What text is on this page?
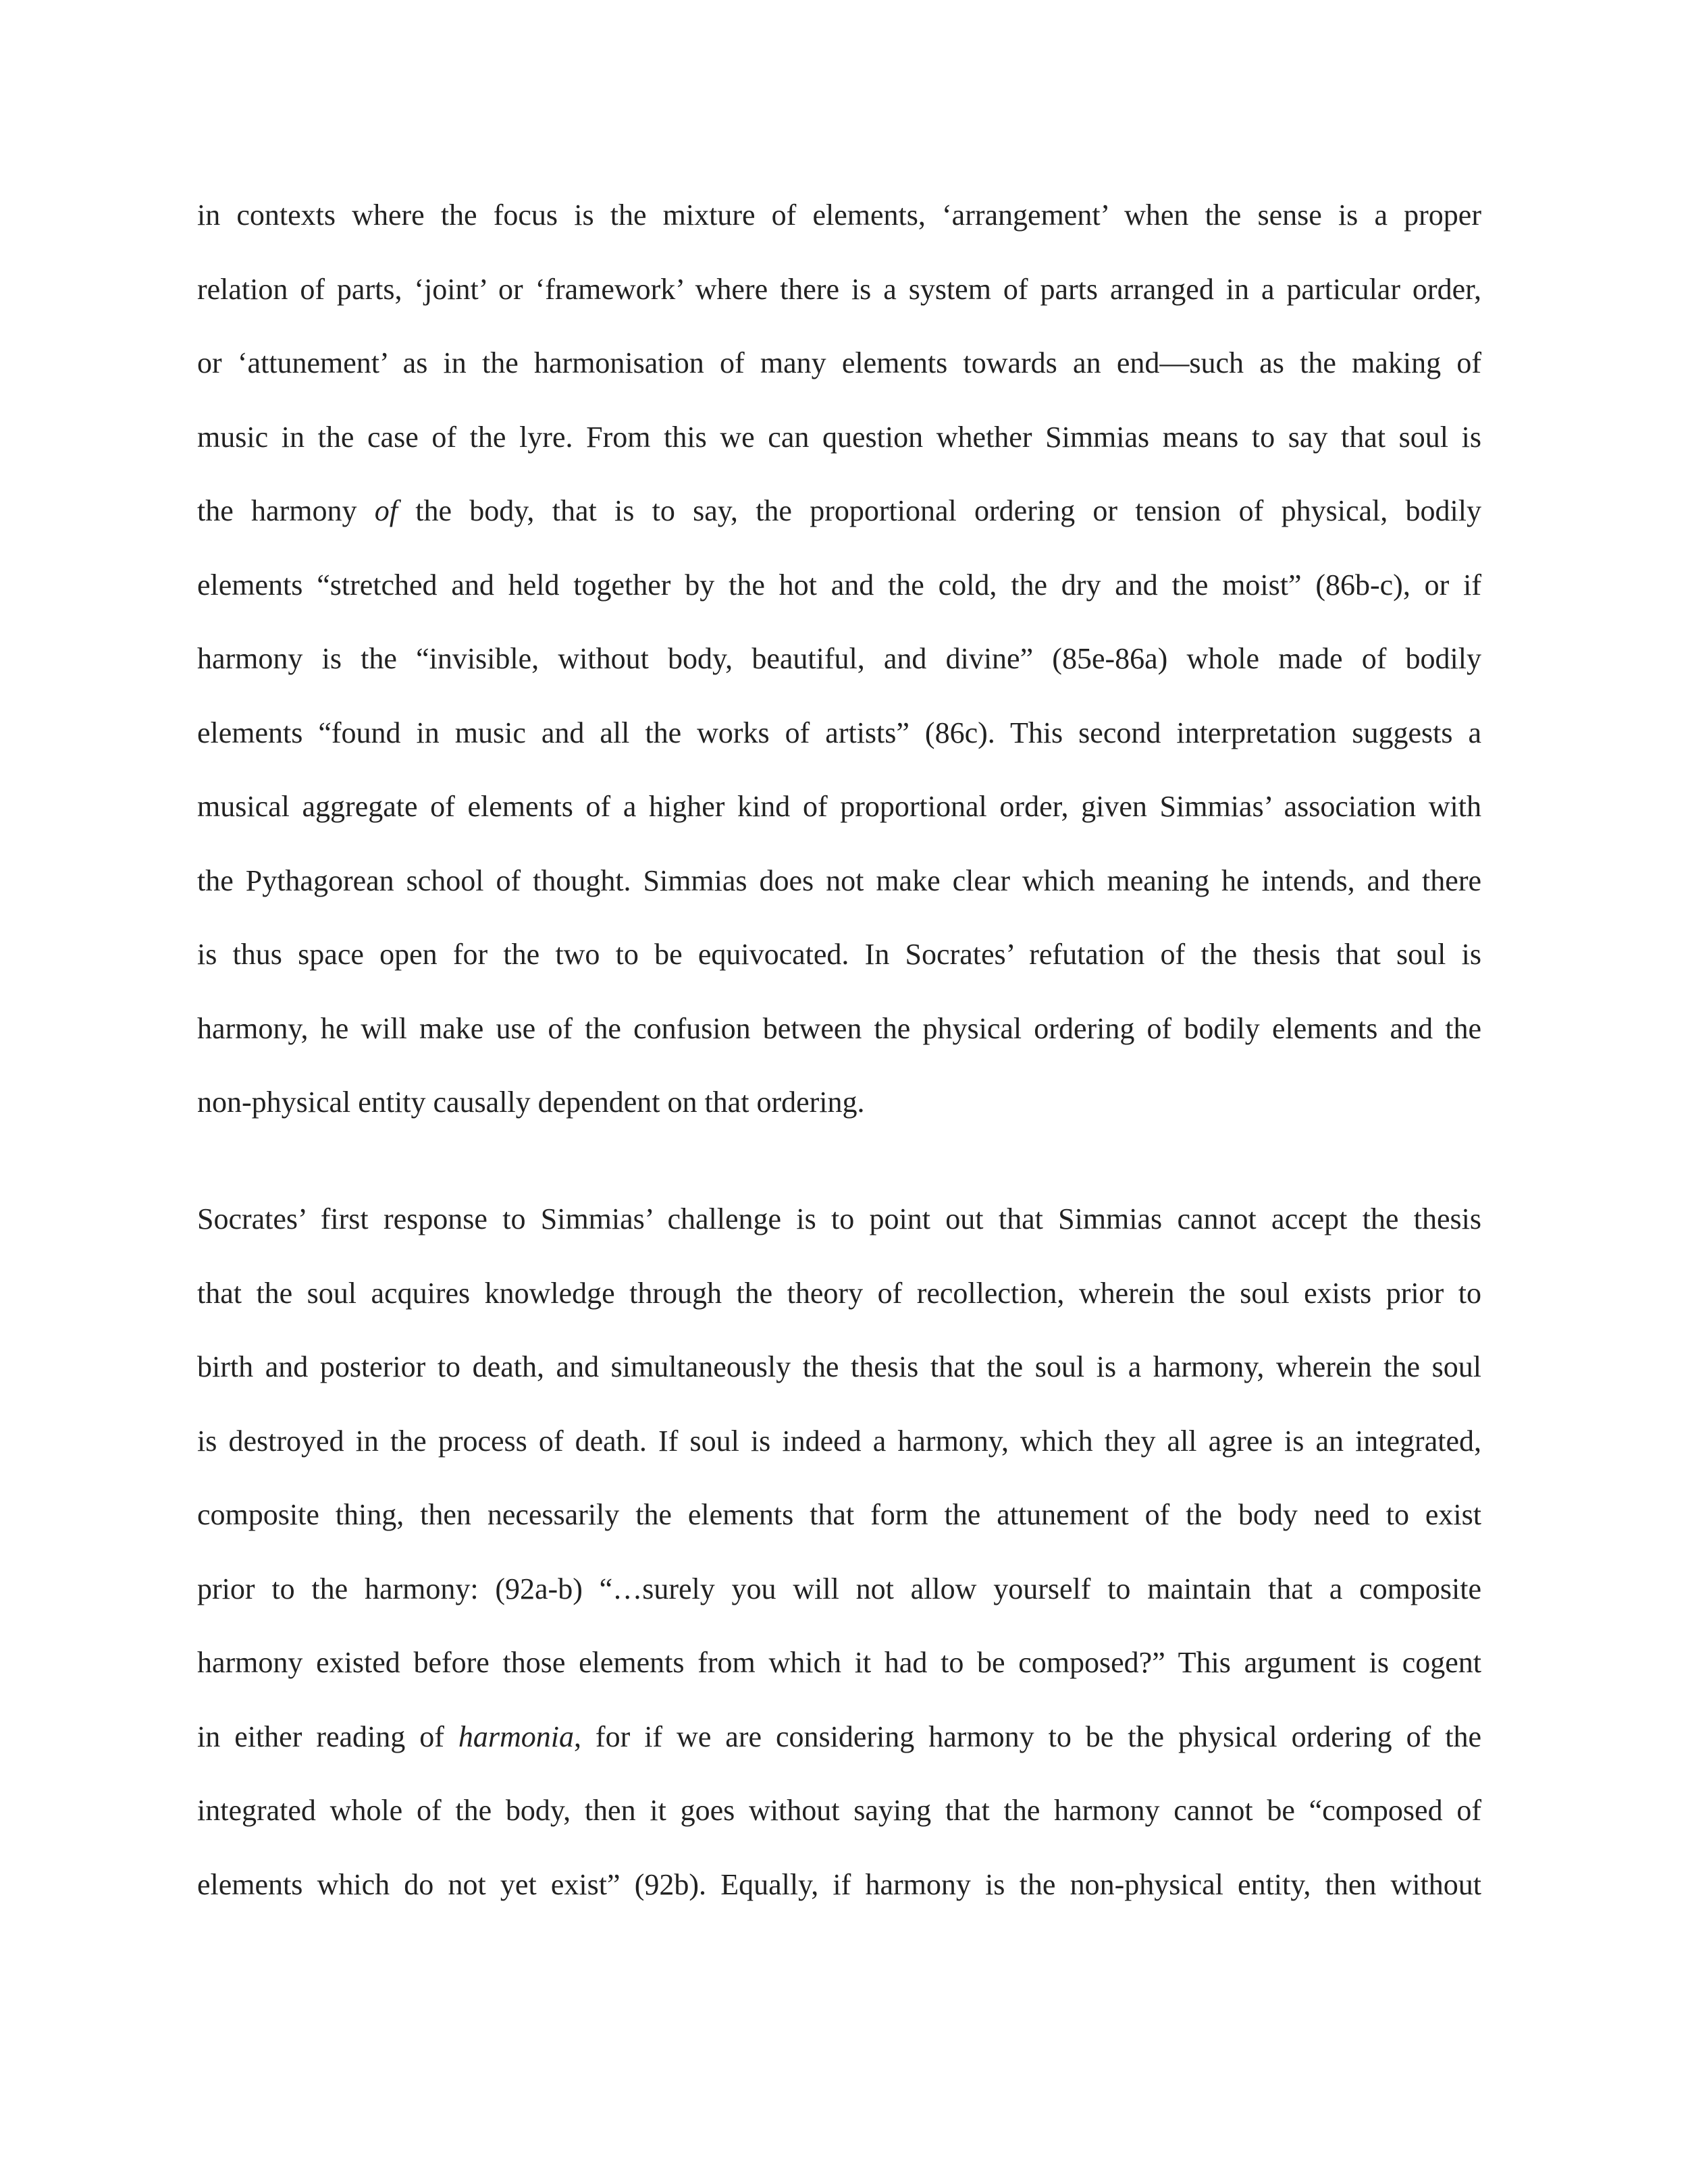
in contexts where the focus is the mixture of elements, ‘arrangement’ when the sense is a proper
relation of parts, ‘joint’ or ‘framework’ where there is a system of parts arranged in a particular order,
or ‘attunement’ as in the harmonisation of many elements towards an end—such as the making of
music in the case of the lyre. From this we can question whether Simmias means to say that soul is
the harmony of the body, that is to say, the proportional ordering or tension of physical, bodily
elements “stretched and held together by the hot and the cold, the dry and the moist” (86b-c), or if
harmony is the “invisible, without body, beautiful, and divine” (85e-86a) whole made of bodily
elements “found in music and all the works of artists” (86c). This second interpretation suggests a
musical aggregate of elements of a higher kind of proportional order, given Simmias’ association with
the Pythagorean school of thought. Simmias does not make clear which meaning he intends, and there
is thus space open for the two to be equivocated. In Socrates’ refutation of the thesis that soul is
harmony, he will make use of the confusion between the physical ordering of bodily elements and the
non-physical entity causally dependent on that ordering.
Socrates’ first response to Simmias’ challenge is to point out that Simmias cannot accept the thesis
that the soul acquires knowledge through the theory of recollection, wherein the soul exists prior to
birth and posterior to death, and simultaneously the thesis that the soul is a harmony, wherein the soul
is destroyed in the process of death. If soul is indeed a harmony, which they all agree is an integrated,
composite thing, then necessarily the elements that form the attunement of the body need to exist
prior to the harmony: (92a-b) “…surely you will not allow yourself to maintain that a composite
harmony existed before those elements from which it had to be composed?” This argument is cogent
in either reading of harmonia, for if we are considering harmony to be the physical ordering of the
integrated whole of the body, then it goes without saying that the harmony cannot be “composed of
elements which do not yet exist” (92b). Equally, if harmony is the non-physical entity, then without
